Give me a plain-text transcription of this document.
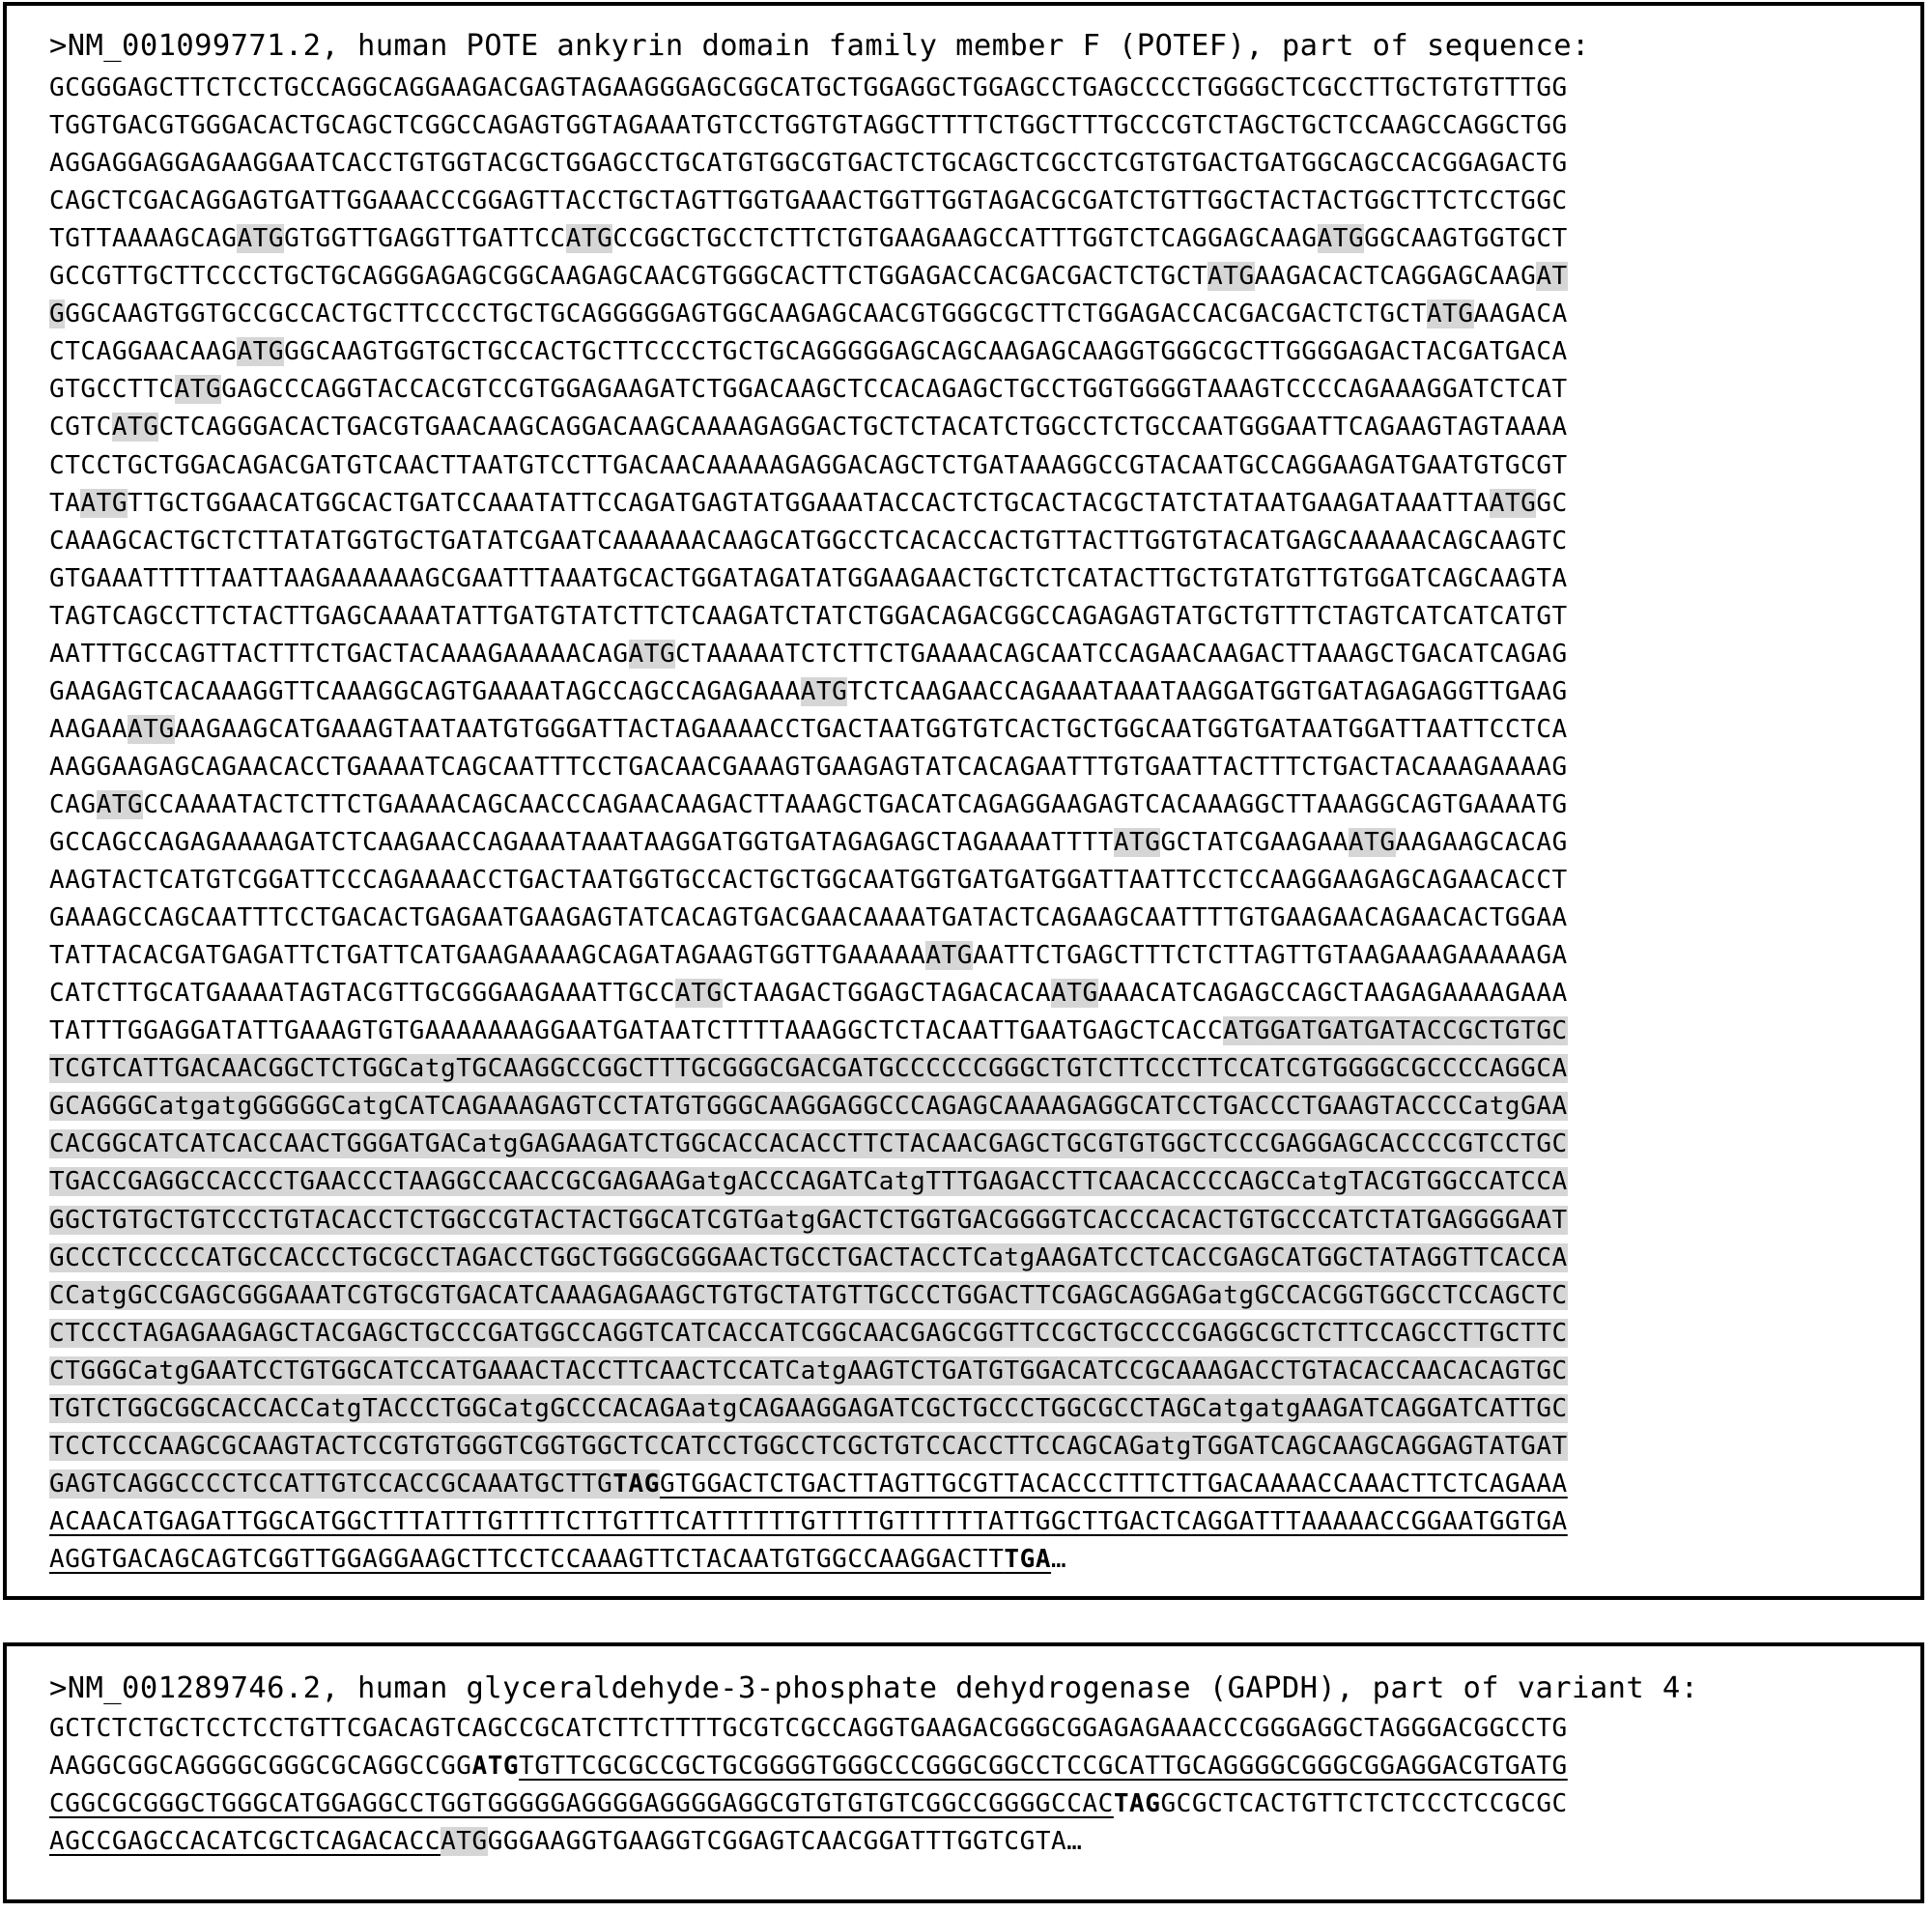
>NM_001099771.2, human POTE ankyrin domain family member F (POTEF), part of sequence:
GCGGGAGCTTCTCCTGCCAGGCAGGAAGACGAGTAGAAGGGAGCGGCATGCTGGAGGCTGGAGCCTGAGCCCCTGGGGCTCGCCTTGCTGTGTTTGG
TGGTGACGTGGGACACTGCAGCTCGGCCAGAGTGGTAGAAATGTCCTGGTGTAGGCTTTTCTGGCTTTGCCCGTCTAGCTGCTCCAAGCCAGGCTGG
AGGAGGAGGAGAAGGAATCACCTGTGGTACGCTGGAGCCTGCATGTGGCGTGACTCTGCAGCTCGCCTCGTGTGACTGATGGCAGCCACGGAGACTG
CAGCTCGACAGGAGTGATTGGAAACCCGGAGTTACCTGCTAGTTGGTGAAACTGGTTGGTAGACGCGATCTGTTGGCTACTACTGGCTTCTCCTGGC
TGTTAAAAGCAGATGGTGGTTGAGGTTGATTCCATGCCGGCTGCCTCTTCTGTGAAGAAGCCATTTGGTCTCAGGAGCAAGATGGGCAAGTGGTGCT
GCCGTTGCTTCCCCTGCTGCAGGGAGAGCGGCAAGAGCAACGTGGGCACTTCTGGAGACCACGACGACTCTGCTATGAAGACACTCAGGAGCAAGAT
GGGCAAGTGGTGCCGCCACTGCTTCCCCTGCTGCAGGGGGAGTGGCAAGAGCAACGTGGGCGCTTCTGGAGACCACGACGACTCTGCTATGAAGACA
CTCAGGAACAAGATGGGCAAGTGGTGCTGCCACTGCTTCCCCTGCTGCAGGGGGAGCAGCAAGAGCAAGGTGGGCGCTTGGGGAGACTACGATGACA
GTGCCTTCATGGAGCCCAGGTACCACGTCCGTGGAGAAGATCTGGACAAGCTCCACAGAGCTGCCTGGTGGGGTAAAGTCCCCAGAAAGGATCTCAT
CGTCATGCTCAGGGACACTGACGTGAACAAGCAGGACAAGCAAAAGAGGACTGCTCTACATCTGGCCTCTGCCAATGGGAATTCAGAAGTAGTAAAA
CTCCTGCTGGACAGACGATGTCAACTTAATGTCCTTGACAACAAAAAGAGGACAGCTCTGATAAAGGCCGTACAATGCCAGGAAGATGAATGTGCGT
TAATGTTGCTGGAACATGGCACTGATCCAAATATTCCAGATGAGTATGGAAATACCACTCTGCACTACGCTATCTATAATGAAGATAAATTAATGGC
CAAAGCACTGCTCTTATATGGTGCTGATATCGAATCAAAAAACAAGCATGGCCTCACACCACTGTTACTTGGTGTACATGAGCAAAAACAGCAAGTC
GTGAAATTTTTAATTAAGAAAAAAGCGAATTTAAATGCACTGGATAGATATGGAAGAACTGCTCTCATACTTGCTGTATGTTGTGGATCAGCAAGTA
TAGTCAGCCTTCTACTTGAGCAAAATATTGATGTATCTTCTCAAGATCTATCTGGACAGACGGCCAGAGAGTATGCTGTTTCTAGTCATCATCATGT
AATTTGCCAGTTACTTTCTGACTACAAAGAAAAACAGATGCTAAAAATCTCTTCTGAAAACAGCAATCCAGAACAAGACTTAAAGCTGACATCAGAG
GAAGAGTCACAAAGGTTCAAAGGCAGTGAAAATAGCCAGCCAGAGAAAATGTCTCAAGAACCAGAAATAAATAAGGATGGTGATAGAGAGGTTGAAG
AAGAAATGAAGAAGCATGAAAGTAATAATGTGGGATTACTAGAAAACCTGACTAATGGTGTCACTGCTGGCAATGGTGATAATGGATTAATTCCTCA
AAGGAAGAGCAGAACACCTGAAAATCAGCAATTTCCTGACAACGAAAGTGAAGAGTATCACAGAATTTGTGAATTACTTTCTGACTACAAAGAAAAG
CAGATGCCAAAATACTCTTCTGAAAACAGCAACCCAGAACAAGACTTAAAGCTGACATCAGAGGAAGAGTCACAAAGGCTTAAAGGCAGTGAAAATG
GCCAGCCAGAGAAAAGATCTCAAGAACCAGAAATAAATAAGGATGGTGATAGAGAGCTAGAAAATTTTATGGCTATCGAAGAAATGAAGAAGCACAG
AAGTACTCATGTCGGATTCCCAGAAAACCTGACTAATGGTGCCACTGCTGGCAATGGTGATGATGGATTAATTCCTCCAAGGAAGAGCAGAACACCT
GAAAGCCAGCAATTTCCTGACACTGAGAATGAAGAGTATCACAGTGACGAACAAAATGATACTCAGAAGCAATTTTGTGAAGAACAGAACACTGGAA
TATTACACGATGAGATTCTGATTCATGAAGAAAAGCAGATAGAAGTGGTTGAAAAAATGAATTCTGAGCTTTCTCTTAGTTGTAAGAAAGAAAAAGA
CATCTTGCATGAAAATAGTACGTTGCGGGAAGAAATTGCCATGCTAAGACTGGAGCTAGACACAATGAAACATCAGAGCCAGCTAAGAGAAAAGAAA
TATTTGGAGGATATTGAAAGTGTGAAAAAAAGGAATGATAATCTTTTAAAGGCTCTACAATTGAATGAGCTCACCATGGATGATGATACCGCTGTGC
TCGTCATTGACAACGGCTCTGGCatgTGCAAGGCCGGCTTTGCGGGCGACGATGCCCCCCGGGCTGTCTTCCCTTCCATCGTGGGGCGCCCCAGGCA
GCAGGGCatgatgGGGGGCatgCATCAGAAAGAGTCCTATGTGGGCAAGGAGGCCCAGAGCAAAAGAGGCATCCTGACCCTGAAGTACCCCatgGAA
CACGGCATCATCACCAACTGGGATGACatgGAGAAGATCTGGCACCACACCTTCTACAACGAGCTGCGTGTGGCTCCCGAGGAGCACCCCGTCCTGC
TGACCGAGGCCACCCTGAACCCTAAGGCCAACCGCGAGAAGatgACCCAGATCatgTTTGAGACCTTCAACACCCCAGCCatgTACGTGGCCATCCA
GGCTGTGCTGTCCCTGTACACCTCTGGCCGTACTACTGGCATCGTGatgGACTCTGGTGACGGGGTCACCCACACTGTGCCCATCTATGAGGGGAAT
GCCCTCCCCCATGCCACCCTGCGCCTAGACCTGGCTGGGCGGGAACTGCCTGACTACCTCatgAAGATCCTCACCGAGCATGGCTATAGGTTCACCA
CCatgGCCGAGCGGGAAATCGTGCGTGACATCAAAGAGAAGCTGTGCTATGTTGCCCTGGACTTCGAGCAGGAGatgGCCACGGTGGCCTCCAGCTC
CTCCCTAGAGAAGAGCTACGAGCTGCCCGATGGCCAGGTCATCACCATCGGCAACGAGCGGTTCCGCTGCCCCGAGGCGCTCTTCCAGCCTTGCTTC
CTGGGCatgGAATCCTGTGGCATCCATGAAACTACCTTCAACTCCATCatgAAGTCTGATGTGGACATCCGCAAAGACCTGTACACCAACACAGTGC
TGTCTGGCGGCACCACCatgTACCCTGGCatgGCCCACAGAatgCAGAAGGAGATCGCTGCCCTGGCGCCTAGCatgatgAAGATCAGGATCATTGC
TCCTCCCAAGCGCAAGTACTCCGTGTGGGTCGGTGGCTCCATCCTGGCCTCGCTGTCCACCTTCCAGCAGatgTGGATCAGCAAGCAGGAGTATGAT
GAGTCAGGCCCCTCCATTGTCCACCGCAAATGCTTGTAGGTGGACTCTGACTTAGTTGCGTTACACCCTTTCTTGACAAAACCAAACTTCTCAGAAA
ACAACATGAGATTGGCATGGCTTTATTTGTTTTCTTGTTTCATTTTTTGTTTTGTTTTTTATTGGCTTGACTCAGGATTTAAAAACCGGAATGGTGA
AGGTGACAGCAGTCGGTTGGAGGAAGCTTCCTCCAAAGTTCTACAATGTGGCCAAGGACTTTGA…
>NM_001289746.2, human glyceraldehyde-3-phosphate dehydrogenase (GAPDH), part of variant 4:
GCTCTCTGCTCCTCCTGTTCGACAGTCAGCCGCATCTTCTTTTGCGTCGCCAGGTGAAGACGGGCGGAGAGAAACCCGGGAGGCTAGGGACGGCCTG
AAGGCGGCAGGGGCGGGCGCAGGCCGGATGTGTTCGCGCCGCTGCGGGGTGGGCCCGGGCGGCCTCCGCATTGCAGGGGCGGGCGGAGGACGTGATG
CGGCGCGGGCTGGGCATGGAGGCCTGGTGGGGGAGGGGAGGGGAGGCGTGTGTGTCGGCCGGGGCCACTAGGCGCTCACTGTTCTCTCCCTCCGCGC
AGCCGAGCCACATCGCTCAGACACCATGGGGAAGGTGAAGGTCGGAGTCAACGGATTTGGTCGTA…
